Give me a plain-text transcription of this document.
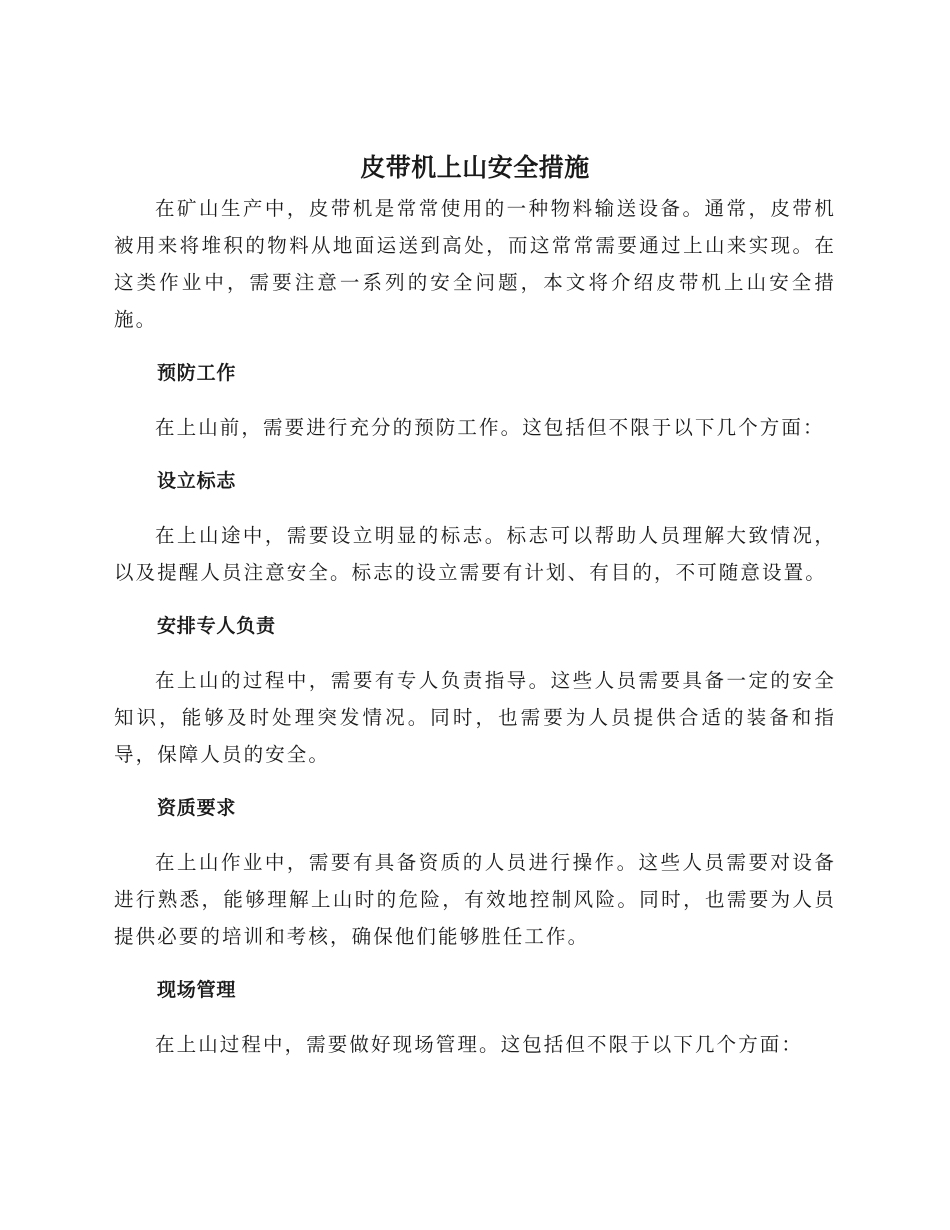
皮带机上山安全措施

在矿山生产中，皮带机是常常使用的一种物料输送设备。通常，皮带机被用来将堆积的物料从地面运送到高处，而这常常需要通过上山来实现。在这类作业中，需要注意一系列的安全问题，本文将介绍皮带机上山安全措施。

预防工作

在上山前，需要进行充分的预防工作。这包括但不限于以下几个方面：

设立标志

在上山途中，需要设立明显的标志。标志可以帮助人员理解大致情况，以及提醒人员注意安全。标志的设立需要有计划、有目的，不可随意设置。

安排专人负责

在上山的过程中，需要有专人负责指导。这些人员需要具备一定的安全知识，能够及时处理突发情况。同时，也需要为人员提供合适的装备和指导，保障人员的安全。

资质要求

在上山作业中，需要有具备资质的人员进行操作。这些人员需要对设备进行熟悉，能够理解上山时的危险，有效地控制风险。同时，也需要为人员提供必要的培训和考核，确保他们能够胜任工作。

现场管理

在上山过程中，需要做好现场管理。这包括但不限于以下几个方面：
